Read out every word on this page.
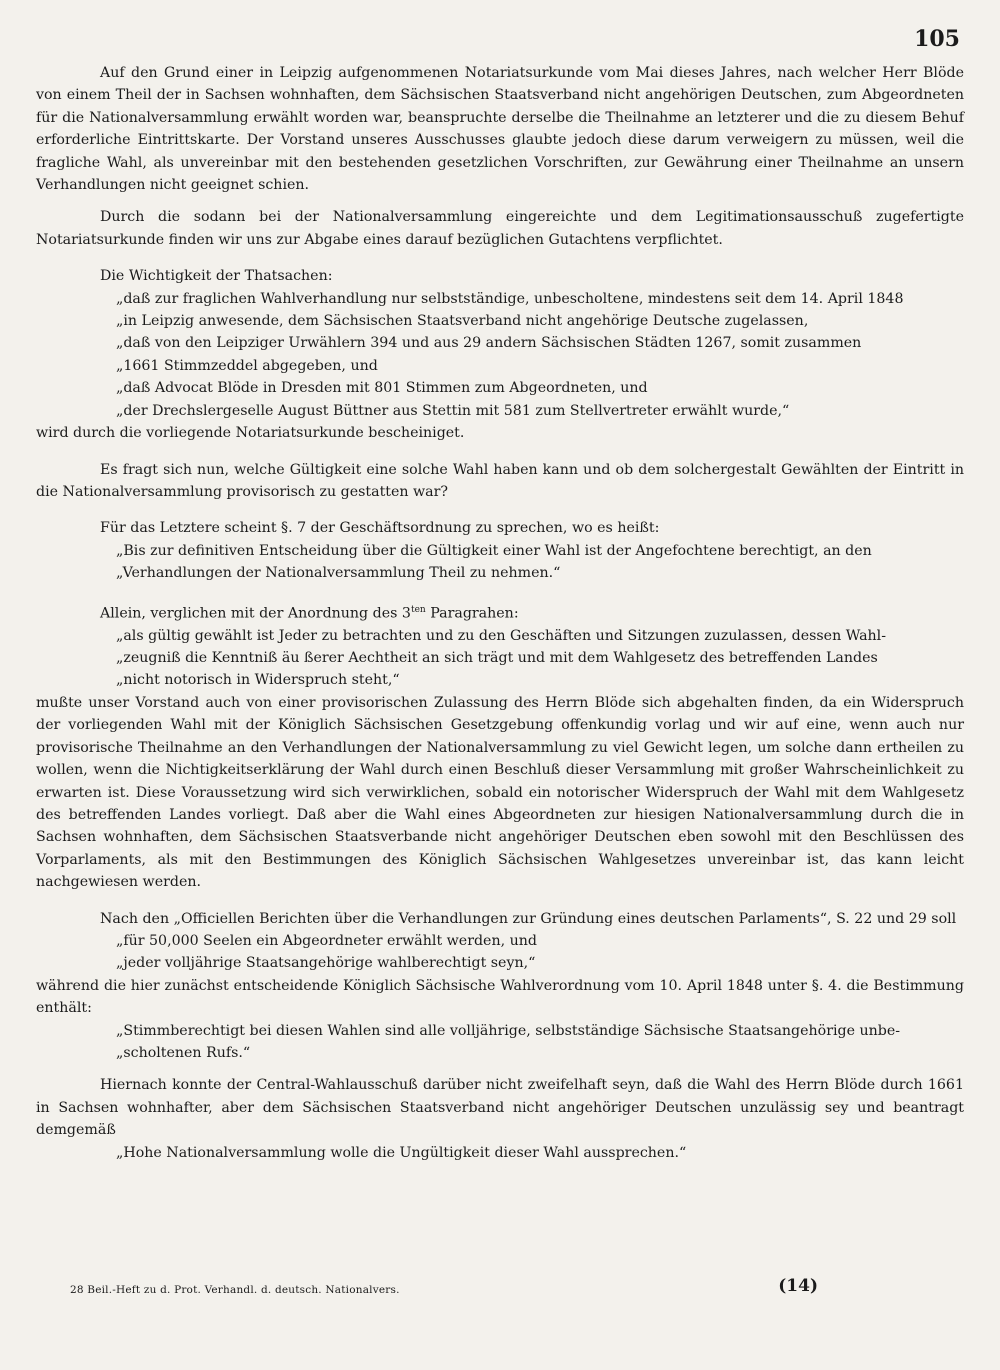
105

Auf den Grund einer in Leipzig aufgenommenen Notariatsurkunde vom Mai dieses Jahres, nach welcher Herr Blöde von einem Theil der in Sachsen wohnhaften, dem Sächsischen Staatsverband nicht angehörigen Deutschen, zum Abgeordneten für die Nationalversammlung erwählt worden war, beanspruchte derselbe die Theilnahme an letzterer und die zu diesem Behuf erforderliche Eintrittskarte. Der Vorstand unseres Ausschusses glaubte jedoch diese darum verweigern zu müssen, weil die fragliche Wahl, als unvereinbar mit den bestehenden gesetzlichen Vorschriften, zur Gewährung einer Theilnahme an unsern Verhandlungen nicht geeignet schien.

Durch die sodann bei der Nationalversammlung eingereichte und dem Legitimationsausschuß zugefertigte Notariatsurkunde finden wir uns zur Abgabe eines darauf bezüglichen Gutachtens verpflichtet.

Die Wichtigkeit der Thatsachen:

„daß zur fraglichen Wahlverhandlung nur selbstständige, unbescholtene, mindestens seit dem 14. April 1848
„in Leipzig anwesende, dem Sächsischen Staatsverband nicht angehörige Deutsche zugelassen,
„daß von den Leipziger Urwählern 394 und aus 29 andern Sächsischen Städten 1267, somit zusammen
„1661 Stimmzeddel abgegeben, und
„daß Advocat Blöde in Dresden mit 801 Stimmen zum Abgeordneten, und
„der Drechslergeselle August Büttner aus Stettin mit 581 zum Stellvertreter erwählt wurde,“

wird durch die vorliegende Notariatsurkunde bescheiniget.

Es fragt sich nun, welche Gültigkeit eine solche Wahl haben kann und ob dem solchergestalt Gewählten der Eintritt in die Nationalversammlung provisorisch zu gestatten war?

Für das Letztere scheint §. 7 der Geschäftsordnung zu sprechen, wo es heißt:

„Bis zur definitiven Entscheidung über die Gültigkeit einer Wahl ist der Angefochtene berechtigt, an den
„Verhandlungen der Nationalversammlung Theil zu nehmen.“

Allein, verglichen mit der Anordnung des $3^{ten}$ Paragrahen:

„als gültig gewählt ist Jeder zu betrachten und zu den Geschäften und Sitzungen zuzulassen, dessen Wahl-
„zeugniß die Kenntniß äu ßerer Aechtheit an sich trägt und mit dem Wahlgesetz des betreffenden Landes
„nicht notorisch in Widerspruch steht,“

mußte unser Vorstand auch von einer provisorischen Zulassung des Herrn Blöde sich abgehalten finden, da ein Widerspruch der vorliegenden Wahl mit der Königlich Sächsischen Gesetzgebung offenkundig vorlag und wir auf eine, wenn auch nur provisorische Theilnahme an den Verhandlungen der Nationalversammlung zu viel Gewicht legen, um solche dann ertheilen zu wollen, wenn die Nichtigkeitserklärung der Wahl durch einen Beschluß dieser Versammlung mit großer Wahrscheinlichkeit zu erwarten ist. Diese Voraussetzung wird sich verwirklichen, sobald ein notorischer Widerspruch der Wahl mit dem Wahlgesetz des betreffenden Landes vorliegt. Daß aber die Wahl eines Abgeordneten zur hiesigen Nationalversammlung durch die in Sachsen wohnhaften, dem Sächsischen Staatsverbande nicht angehöriger Deutschen eben sowohl mit den Beschlüssen des Vorparlaments, als mit den Bestimmungen des Königlich Sächsischen Wahlgesetzes unvereinbar ist, das kann leicht nachgewiesen werden.

Nach den „Officiellen Berichten über die Verhandlungen zur Gründung eines deutschen Parlaments“, S. 22 und 29 soll

„für 50,000 Seelen ein Abgeordneter erwählt werden, und
„jeder volljährige Staatsangehörige wahlberechtigt seyn,“

während die hier zunächst entscheidende Königlich Sächsische Wahlverordnung vom 10. April 1848 unter §. 4. die Bestimmung enthält:

„Stimmberechtigt bei diesen Wahlen sind alle volljährige, selbstständige Sächsische Staatsangehörige unbe-
„scholtenen Rufs.“

Hiernach konnte der Central-Wahlausschuß darüber nicht zweifelhaft seyn, daß die Wahl des Herrn Blöde durch 1661 in Sachsen wohnhafter, aber dem Sächsischen Staatsverband nicht angehöriger Deutschen unzulässig sey und beantragt demgemäß

„Hohe Nationalversammlung wolle die Ungültigkeit dieser Wahl aussprechen.“
28 Beil.-Heft zu d. Prot. Verhandl. d. deutsch. Nationalvers.	(14)
